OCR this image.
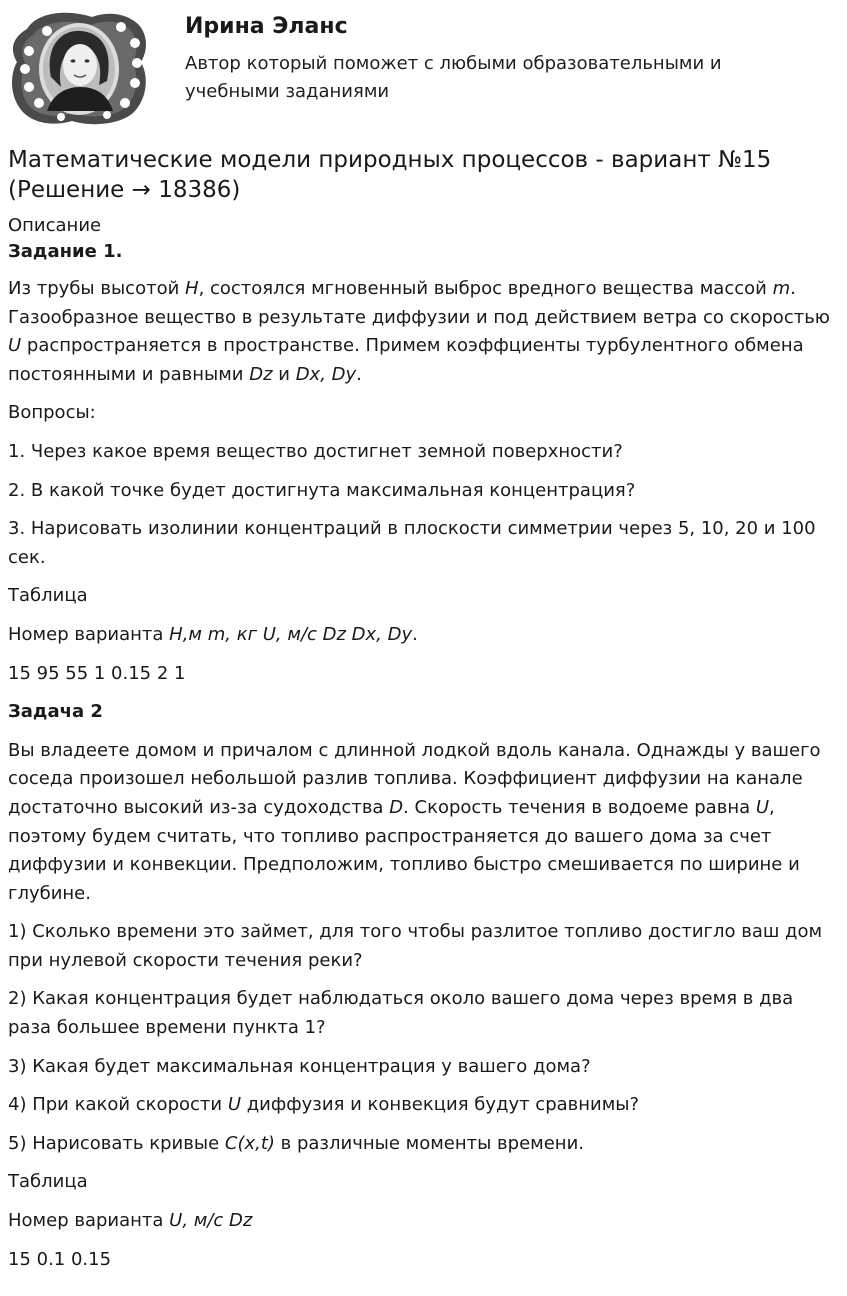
Ирина Эланс

Автор который поможет с любыми образовательными и учебными заданиями

Математические модели природных процессов - вариант №15 (Решение → 18386)
Описание
Задание 1.

Из трубы высотой H, состоялся мгновенный выброс вредного вещества массой m. Газообразное вещество в результате диффузии и под действием ветра со скоростью U распространяется в пространстве. Примем коэффциенты турбулентного обмена постоянными и равными Dz и Dx, Dy.

Вопросы:

1. Через какое время вещество достигнет земной поверхности?

2. В какой точке будет достигнута максимальная концентрация?

3. Нарисовать изолинии концентраций в плоскости симметрии через 5, 10, 20 и 100 сек.

Таблица

Номер варианта H,м m, кг U, м/с Dz Dx, Dy.

15 95 55 1 0.15 2 1

Задача 2

Вы владеете домом и причалом с длинной лодкой вдоль канала. Однажды у вашего соседа произошел небольшой разлив топлива. Коэффициент диффузии на канале достаточно высокий из-за судоходства D. Скорость течения в водоеме равна U, поэтому будем считать, что топливо распространяется до вашего дома за счет диффузии и конвекции. Предположим, топливо быстро смешивается по ширине и глубине.

1) Сколько времени это займет, для того чтобы разлитое топливо достигло ваш дом при нулевой скорости течения реки?

2) Какая концентрация будет наблюдаться около вашего дома через время в два раза большее времени пункта 1?

3) Какая будет максимальная концентрация у вашего дома?

4) При какой скорости U диффузия и конвекция будут сравнимы?

5) Нарисовать кривые C(x,t) в различные моменты времени.

Таблица

Номер варианта U, м/с Dz

15 0.1 0.15
